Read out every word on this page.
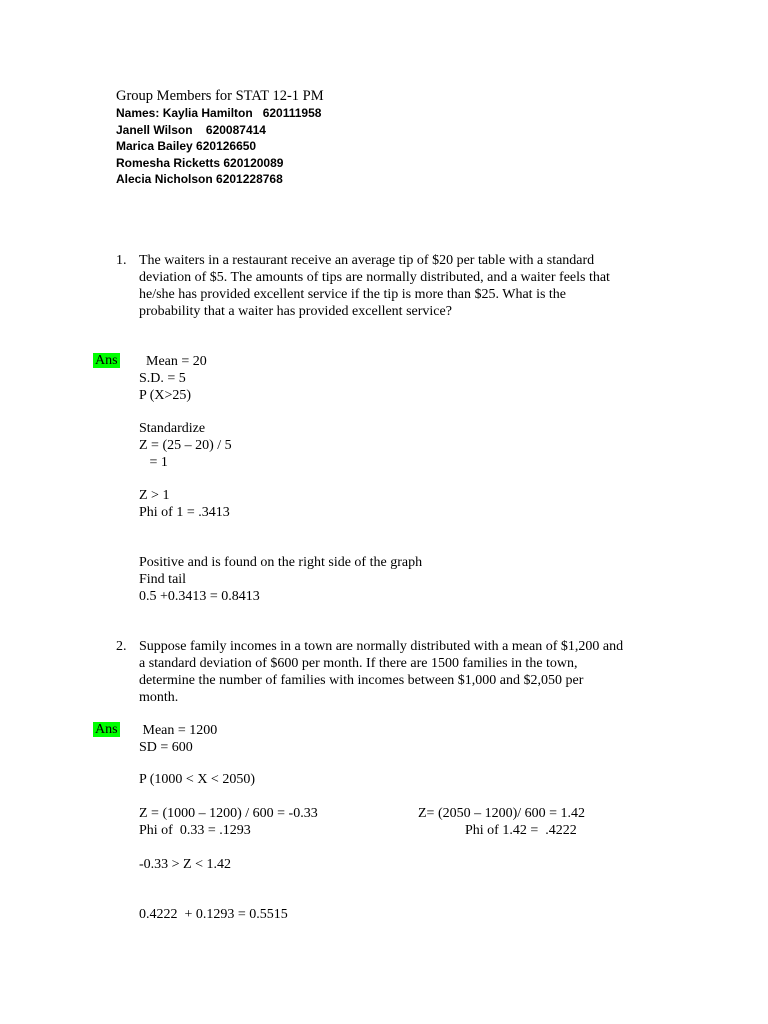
Group Members for STAT 12-1 PM
Names: Kaylia Hamilton   620111958
Janell Wilson    620087414
Marica Bailey 620126650
Romesha Ricketts 620120089
Alecia Nicholson 6201228768
1. The waiters in a restaurant receive an average tip of $20 per table with a standard
deviation of $5. The amounts of tips are normally distributed, and a waiter feels that
he/she has provided excellent service if the tip is more than $25. What is the
probability that a waiter has provided excellent service?
Ans	Mean = 20
S.D. = 5
P (X>25)
Standardize
Z = (25 – 20) / 5
= 1
Z > 1
Phi of 1 = .3413
Positive and is found on the right side of the graph
Find tail
0.5 +0.3413 = 0.8413
2. Suppose family incomes in a town are normally distributed with a mean of $1,200 and
a standard deviation of $600 per month. If there are 1500 families in the town,
determine the number of families with incomes between $1,000 and $2,050 per
month.
Ans Mean = 1200
SD = 600
P (1000 < X < 2050)
Z = (1000 – 1200) / 600 = -0.33	Z= (2050 – 1200)/ 600 = 1.42
Phi of  0.33 = .1293	Phi of 1.42 =  .4222
-0.33 > Z < 1.42
0.4222  + 0.1293 = 0.5515
